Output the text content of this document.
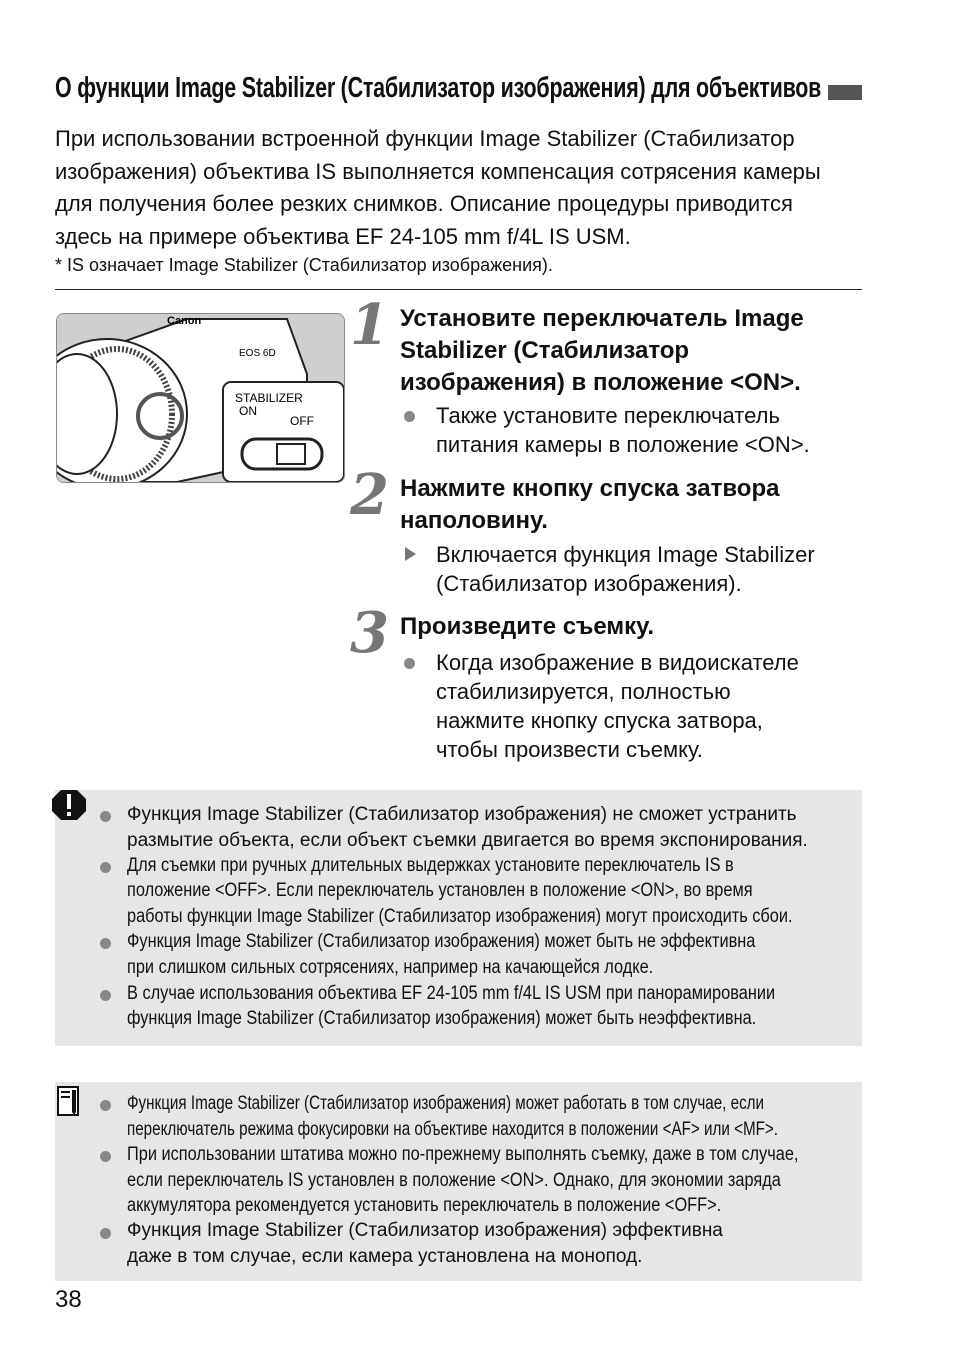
О функции Image Stabilizer (Стабилизатор изображения) для объективов
При использовании встроенной функции Image Stabilizer (Стабилизатор
изображения) объектива IS выполняется компенсация сотрясения камеры
для получения более резких снимков. Описание процедуры приводится
здесь на примере объектива EF 24-105 mm f/4L IS USM.
* IS означает Image Stabilizer (Стабилизатор изображения).
Canon
EOS 6D
STABILIZER
ON
OFF
1 Установите переключатель Image
Stabilizer (Стабилизатор
изображения) в положение <ON>.
Также установите переключатель
питания камеры в положение <ON>.
2 Нажмите кнопку спуска затвора
наполовину.
Включается функция Image Stabilizer
(Стабилизатор изображения).
3 Произведите съемку.
Когда изображение в видоискателе
стабилизируется, полностью
нажмите кнопку спуска затвора,
чтобы произвести съемку.
Функция Image Stabilizer (Стабилизатор изображения) не сможет устранить
размытие объекта, если объект съемки двигается во время экспонирования.
Для съемки при ручных длительных выдержках установите переключатель IS в
положение <OFF>. Если переключатель установлен в положение <ON>, во время
работы функции Image Stabilizer (Стабилизатор изображения) могут происходить сбои.
Функция Image Stabilizer (Стабилизатор изображения) может быть не эффективна
при слишком сильных сотрясениях, например на качающейся лодке.
В случае использования объектива EF 24-105 mm f/4L IS USM при панорамировании
функция Image Stabilizer (Стабилизатор изображения) может быть неэффективна.
Функция Image Stabilizer (Стабилизатор изображения) может работать в том случае, если
переключатель режима фокусировки на объективе находится в положении <AF> или <MF>.
При использовании штатива можно по-прежнему выполнять съемку, даже в том случае,
если переключатель IS установлен в положение <ON>. Однако, для экономии заряда
аккумулятора рекомендуется установить переключатель в положение <OFF>.
Функция Image Stabilizer (Стабилизатор изображения) эффективна
даже в том случае, если камера установлена на монопод.
38
